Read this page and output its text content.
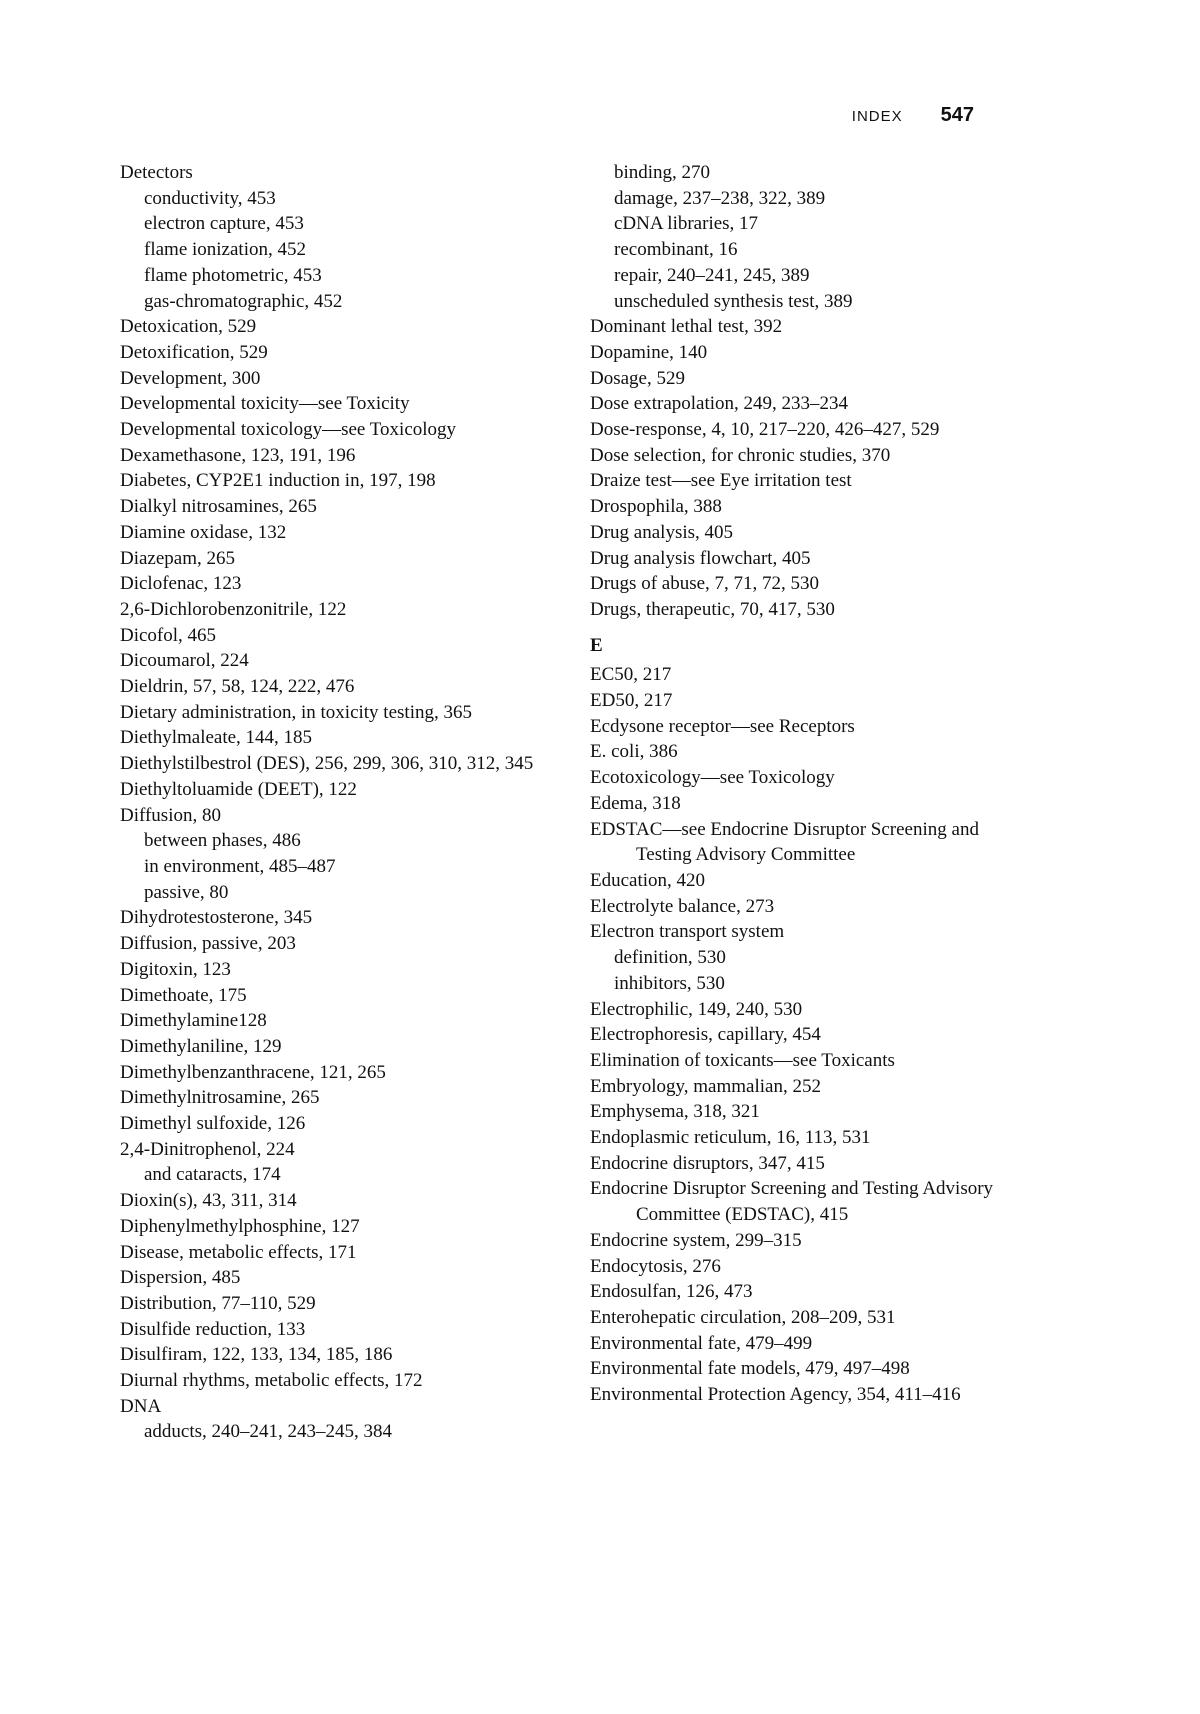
INDEX 547
Detectors
conductivity, 453
electron capture, 453
flame ionization, 452
flame photometric, 453
gas-chromatographic, 452
Detoxication, 529
Detoxification, 529
Development, 300
Developmental toxicity—see Toxicity
Developmental toxicology—see Toxicology
Dexamethasone, 123, 191, 196
Diabetes, CYP2E1 induction in, 197, 198
Dialkyl nitrosamines, 265
Diamine oxidase, 132
Diazepam, 265
Diclofenac, 123
2,6-Dichlorobenzonitrile, 122
Dicofol, 465
Dicoumarol, 224
Dieldrin, 57, 58, 124, 222, 476
Dietary administration, in toxicity testing, 365
Diethylmaleate, 144, 185
Diethylstilbestrol (DES), 256, 299, 306, 310, 312, 345
Diethyltoluamide (DEET), 122
Diffusion, 80
between phases, 486
in environment, 485–487
passive, 80
Dihydrotestosterone, 345
Diffusion, passive, 203
Digitoxin, 123
Dimethoate, 175
Dimethylamine128
Dimethylaniline, 129
Dimethylbenzanthracene, 121, 265
Dimethylnitrosamine, 265
Dimethyl sulfoxide, 126
2,4-Dinitrophenol, 224
and cataracts, 174
Dioxin(s), 43, 311, 314
Diphenylmethylphosphine, 127
Disease, metabolic effects, 171
Dispersion, 485
Distribution, 77–110, 529
Disulfide reduction, 133
Disulfiram, 122, 133, 134, 185, 186
Diurnal rhythms, metabolic effects, 172
DNA
adducts, 240–241, 243–245, 384
binding, 270
damage, 237–238, 322, 389
cDNA libraries, 17
recombinant, 16
repair, 240–241, 245, 389
unscheduled synthesis test, 389
Dominant lethal test, 392
Dopamine, 140
Dosage, 529
Dose extrapolation, 249, 233–234
Dose-response, 4, 10, 217–220, 426–427, 529
Dose selection, for chronic studies, 370
Draize test—see Eye irritation test
Drospophila, 388
Drug analysis, 405
Drug analysis flowchart, 405
Drugs of abuse, 7, 71, 72, 530
Drugs, therapeutic, 70, 417, 530
E
EC50, 217
ED50, 217
Ecdysone receptor—see Receptors
E. coli, 386
Ecotoxicology—see Toxicology
Edema, 318
EDSTAC—see Endocrine Disruptor Screening and Testing Advisory Committee
Education, 420
Electrolyte balance, 273
Electron transport system
definition, 530
inhibitors, 530
Electrophilic, 149, 240, 530
Electrophoresis, capillary, 454
Elimination of toxicants—see Toxicants
Embryology, mammalian, 252
Emphysema, 318, 321
Endoplasmic reticulum, 16, 113, 531
Endocrine disruptors, 347, 415
Endocrine Disruptor Screening and Testing Advisory Committee (EDSTAC), 415
Endocrine system, 299–315
Endocytosis, 276
Endosulfan, 126, 473
Enterohepatic circulation, 208–209, 531
Environmental fate, 479–499
Environmental fate models, 479, 497–498
Environmental Protection Agency, 354, 411–416
